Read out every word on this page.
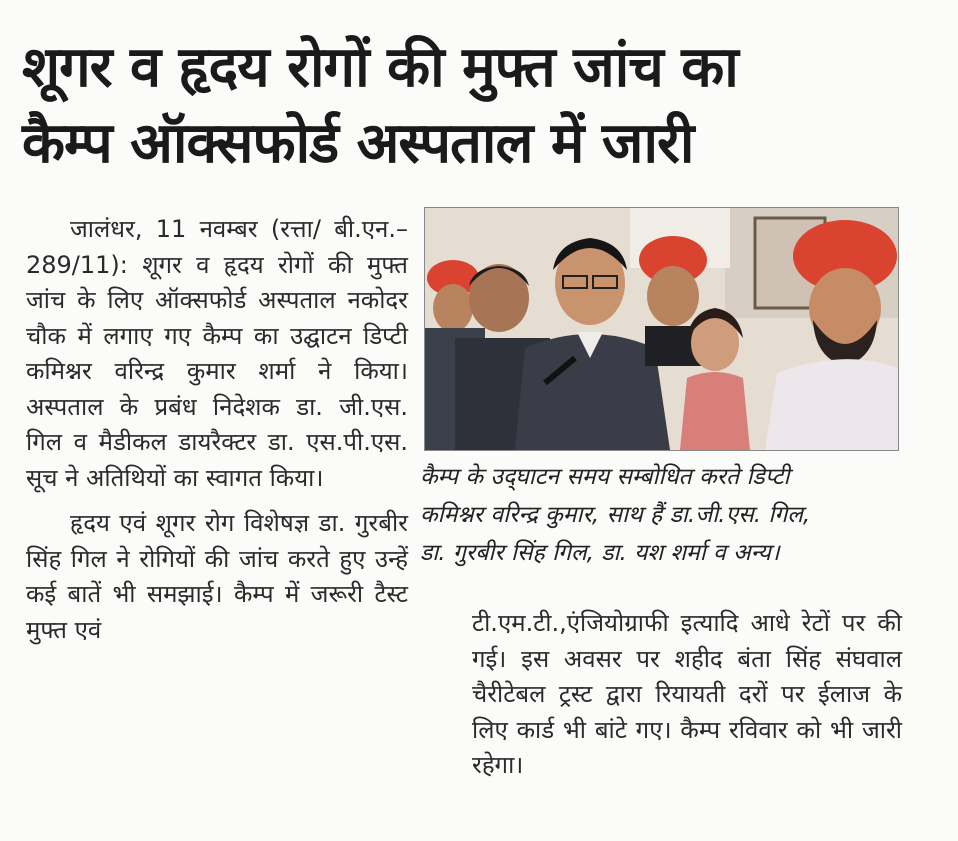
शूगर व हृदय रोगों की मुफ्त जांच का
कैम्प ऑक्सफोर्ड अस्पताल में जारी

जालंधर, 11 नवम्बर (रत्ता/ बी.एन.–289/11): शूगर व हृदय रोगों की मुफ्त जांच के लिए ऑक्सफोर्ड अस्पताल नकोदर चौक में लगाए गए कैम्प का उद्घाटन डिप्टी कमिश्नर वरिन्द्र कुमार शर्मा ने किया। अस्पताल के प्रबंध निदेशक डा. जी.एस. गिल व मैडीकल डायरैक्टर डा. एस.पी.एस. सूच ने अतिथियों का स्वागत किया।

हृदय एवं शूगर रोग विशेषज्ञ डा. गुरबीर सिंह गिल ने रोगियों की जांच करते हुए उन्हें कई बातें भी समझाई। कैम्प में जरूरी टैस्ट मुफ्त एवं

कैम्प के उद्‌घाटन समय सम्बोधित करते डिप्टी
कमिश्नर वरिन्द्र कुमार, साथ हैं डा.जी.एस. गिल,
डा. गुरबीर सिंह गिल, डा. यश शर्मा व अन्य।

टी.एम.टी.,एंजियोग्राफी इत्यादि आधे रेटों पर की गई। इस अवसर पर शहीद बंता सिंह संघवाल चैरीटेबल ट्रस्ट द्वारा रियायती दरों पर ईलाज के लिए कार्ड भी बांटे गए। कैम्प रविवार को भी जारी रहेगा।
